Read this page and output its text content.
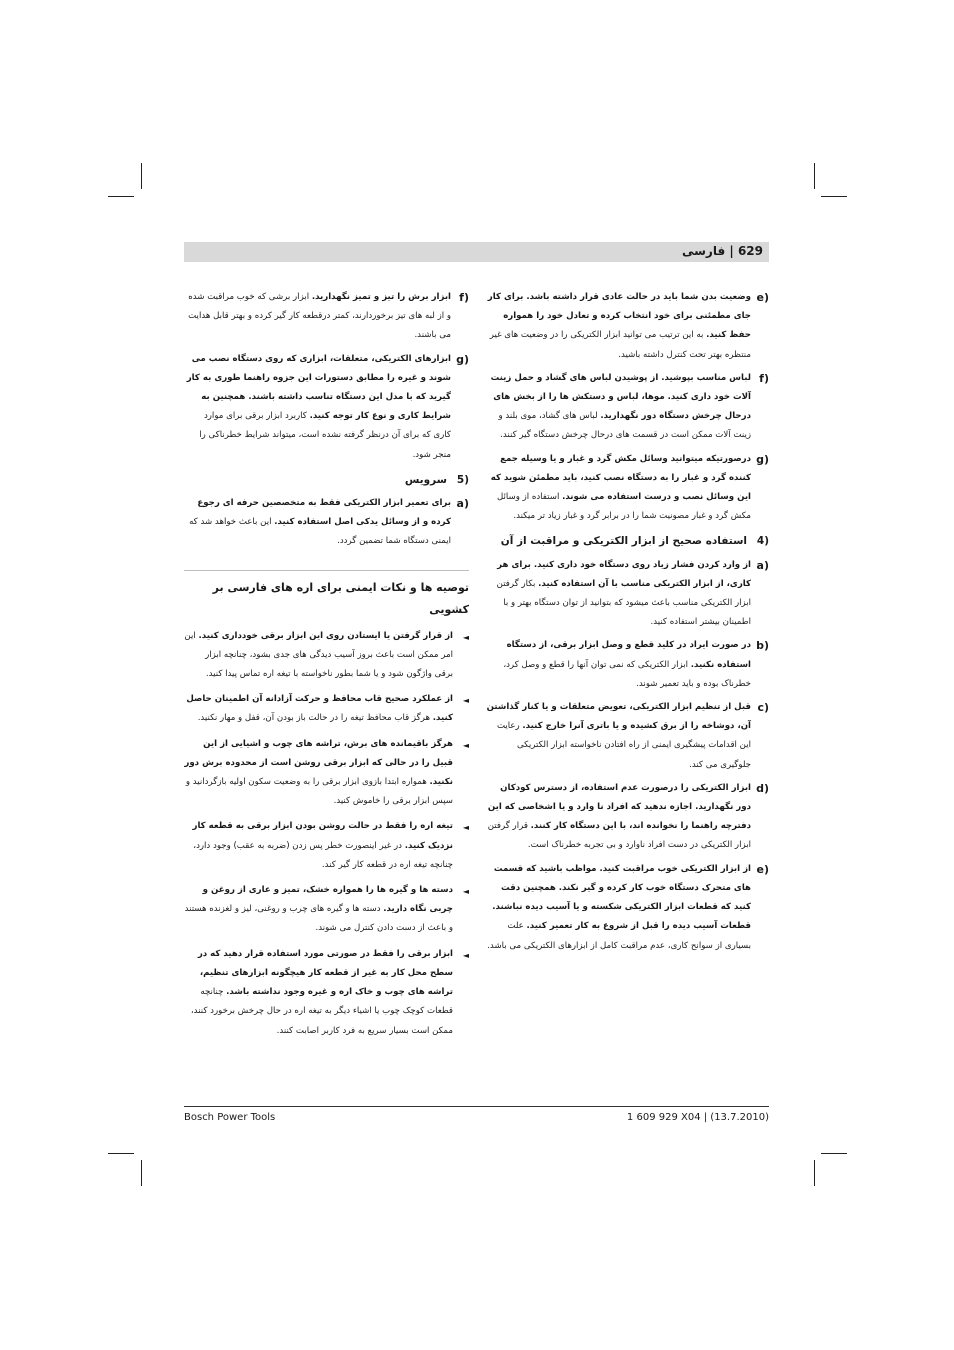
629 | فارسی
e)
وضعیت بدن شما باید در حالت عادی قرار داشته باشد. برای کار جای مطمئنی برای خود انتخاب کرده و تعادل خود را همواره حفظ کنید. به این ترتیب می توانید ابزار الکتریکی را در وضعیت های غیر منتظره بهتر تحت کنترل داشته باشید.
f)
لباس مناسب بپوشید. از پوشیدن لباس های گشاد و حمل زینت آلات خود داری کنید. موها، لباس و دستکش ها را از بخش های درحال چرخش دستگاه دور نگهدارید. لباس های گشاد، موی بلند و زینت آلات ممکن است در قسمت های درحال چرخش دستگاه گیر کنند.
g)
درصورتیکه میتوانید وسائل مکش گرد و غبار و یا وسیله جمع کننده گرد و غبار را به دستگاه نصب کنید، باید مطمئن شوید که این وسائل نصب و درست استفاده می شوند. استفاده از وسائل مکش گرد و غبار مصونیت شما را در برابر گرد و غبار زیاد تر میکند.
4)
استفاده صحیح از ابزار الکتریکی و مراقبت از آن
a)
از وارد کردن فشار زیاد روی دستگاه خود داری کنید. برای هر کاری، از ابزار الکتریکی مناسب با آن استفاده کنید. بکار گرفتن ابزار الکتریکی مناسب باعث میشود که بتوانید از توان دستگاه بهتر و با اطمینان بیشتر استفاده کنید.
b)
در صورت ایراد در کلید قطع و وصل ابزار برقی، از دستگاه استفاده نکنید. ابزار الکتریکی که نمی توان آنها را قطع و وصل کرد، خطرناک بوده و باید تعمیر شوند.
c)
قبل از تنظیم ابزار الکتریکی، تعویض متعلقات و یا کنار گذاشتن آن، دوشاخه را از برق کشیده و یا باتری آنرا خارج کنید. رعایت این اقدامات پیشگیری ایمنی از راه افتادن ناخواسته ابزار الکتریکی جلوگیری می کند.
d)
ابزار الکتریکی را درصورت عدم استفاده، از دسترس کودکان دور نگهدارید. اجازه ندهید که افراد نا وارد و یا اشخاصی که این دفترچه راهنما را نخوانده اند، با این دستگاه کار کنند. قرار گرفتن ابزار الکتریکی در دست افراد ناوارد و بی تجربه خطرناک است.
e)
از ابزار الکتریکی خوب مراقبت کنید. مواظب باشید که قسمت های متحرک دستگاه خوب کار کرده و گیر نکند. همچنین دقت کنید که قطعات ابزار الکتریکی شکسته و یا آسیب دیده نباشند. قطعات آسیب دیده را قبل از شروع به کار تعمیر کنید. علت بسیاری از سوانح کاری، عدم مراقبت کامل از ابزارهای الکتریکی می باشد.
f)
ابزار برش را تیز و تمیز نگهدارید. ابزار برشی که خوب مراقبت شده و از لبه های تیز برخوردارند، کمتر درقطعه کار گیر کرده و بهتر قابل هدایت می باشند.
g)
ابزارهای الکتریکی، متعلقات، ابزاری که روی دستگاه نصب می شوند و غیره را مطابق دستورات این جزوه راهنما طوری به کار گیرید که با مدل این دستگاه تناسب داشته باشند. همچنین به شرایط کاری و نوع کار توجه کنید. کاربرد ابزار برقی برای موارد کاری که برای آن درنظر گرفته نشده است، میتواند شرایط خطرناکی را منجر شود.
5)
سرویس
a)
برای تعمیر ابزار الکتریکی فقط به متخصصین حرفه ای رجوع کرده و از وسائل یدکی اصل استفاده کنید. این باعث خواهد شد که ایمنی دستگاه شما تضمین گردد.
توصیه ها و نکات ایمنی برای اره های فارسی بر کشویی
◄
از قرار گرفتن یا ایستادن روی این ابزار برقی خودداری کنید. این امر ممکن است باعث بروز آسیب دیدگی های جدی بشود، چنانچه ابزار برقی واژگون شود و یا شما بطور ناخواسته با تیغه اره تماس پیدا کنید.
◄
از عملکرد صحیح قاب محافظ و حرکت آزادانه آن اطمینان حاصل کنید. هرگز قاب محافظ تیغه را در حالت باز بودن آن، قفل و مهار نکنید.
◄
هرگز باقیمانده های برش، تراشه های چوب و اشیایی از این قبیل را در حالی که ابزار برقی روشن است از محدوده برش دور نکنید. همواره ابتدا بازوی ابزار برقی را به وضعیت سکون اولیه بازگردانید و سپس ابزار برقی را خاموش کنید.
◄
تیغه اره را فقط در حالت روشن بودن ابزار برقی به قطعه کار نزدیک کنید. در غیر اینصورت خطر پس زدن (ضربه به عقب) وجود دارد، چنانچه تیغه اره در قطعه کار گیر کند.
◄
دسته ها و گیره ها را همواره خشک، تمیز و عاری از روغن و چربی نگاه دارید. دسته ها و گیره های چرب و روغنی، لیز و لغزنده هستند و باعث از دست دادن کنترل می شوند.
◄
ابزار برقی را فقط در صورتی مورد استفاده قرار دهید که در سطح محل کار به غیر از قطعه کار هیچگونه ابزارهای تنظیم، تراشه های چوب و خاک اره و غیره وجود نداشته باشد. چنانچه قطعات کوچک چوب یا اشیاء دیگر به تیغه اره در حال چرخش برخورد کنند، ممکن است بسیار سریع به فرد کاربر اصابت کنند.
Bosch Power Tools	1 609 929 X04 | (13.7.2010)
